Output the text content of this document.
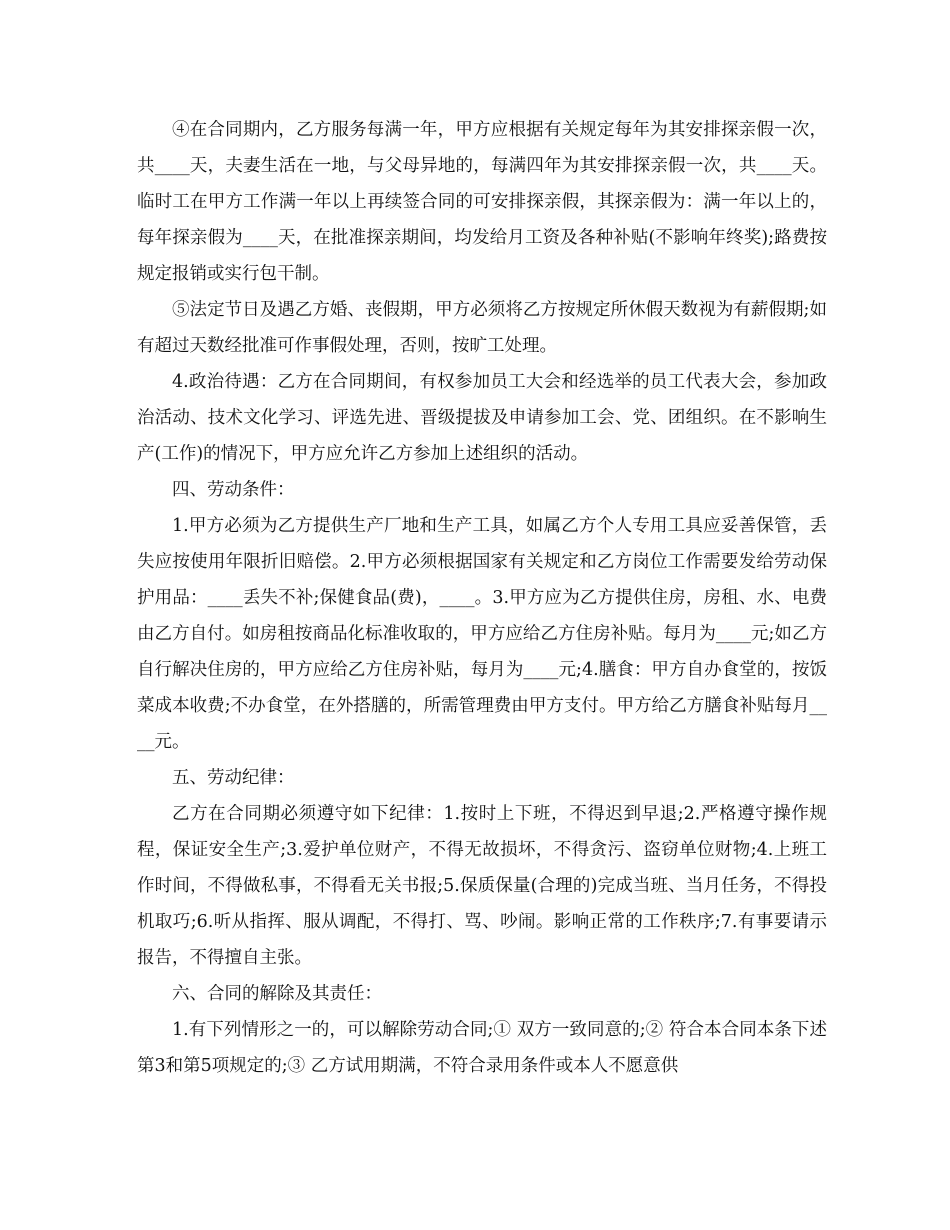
④在合同期内，乙方服务每满一年，甲方应根据有关规定每年为其安排探亲假一次，共____天，夫妻生活在一地，与父母异地的，每满四年为其安排探亲假一次，共____天。临时工在甲方工作满一年以上再续签合同的可安排探亲假，其探亲假为：满一年以上的，每年探亲假为____天，在批准探亲期间，均发给月工资及各种补贴(不影响年终奖);路费按规定报销或实行包干制。

⑤法定节日及遇乙方婚、丧假期，甲方必须将乙方按规定所休假天数视为有薪假期;如有超过天数经批准可作事假处理，否则，按旷工处理。

4.政治待遇：乙方在合同期间，有权参加员工大会和经选举的员工代表大会，参加政治活动、技术文化学习、评选先进、晋级提拔及申请参加工会、党、团组织。在不影响生产(工作)的情况下，甲方应允许乙方参加上述组织的活动。

四、劳动条件：

1.甲方必须为乙方提供生产厂地和生产工具，如属乙方个人专用工具应妥善保管，丢失应按使用年限折旧赔偿。2.甲方必须根据国家有关规定和乙方岗位工作需要发给劳动保护用品：____丢失不补;保健食品(费)，____。3.甲方应为乙方提供住房，房租、水、电费由乙方自付。如房租按商品化标准收取的，甲方应给乙方住房补贴。每月为____元;如乙方自行解决住房的，甲方应给乙方住房补贴，每月为____元;4.膳食：甲方自办食堂的，按饭菜成本收费;不办食堂，在外搭膳的，所需管理费由甲方支付。甲方给乙方膳食补贴每月____元。

五、劳动纪律：

乙方在合同期必须遵守如下纪律：1.按时上下班，不得迟到早退;2.严格遵守操作规程，保证安全生产;3.爱护单位财产，不得无故损坏，不得贪污、盗窃单位财物;4.上班工作时间，不得做私事，不得看无关书报;5.保质保量(合理的)完成当班、当月任务，不得投机取巧;6.听从指挥、服从调配，不得打、骂、吵闹。影响正常的工作秩序;7.有事要请示报告，不得擅自主张。

六、合同的解除及其责任：

1.有下列情形之一的，可以解除劳动合同;① 双方一致同意的;② 符合本合同本条下述第3和第5项规定的;③ 乙方试用期满，不符合录用条件或本人不愿意供
